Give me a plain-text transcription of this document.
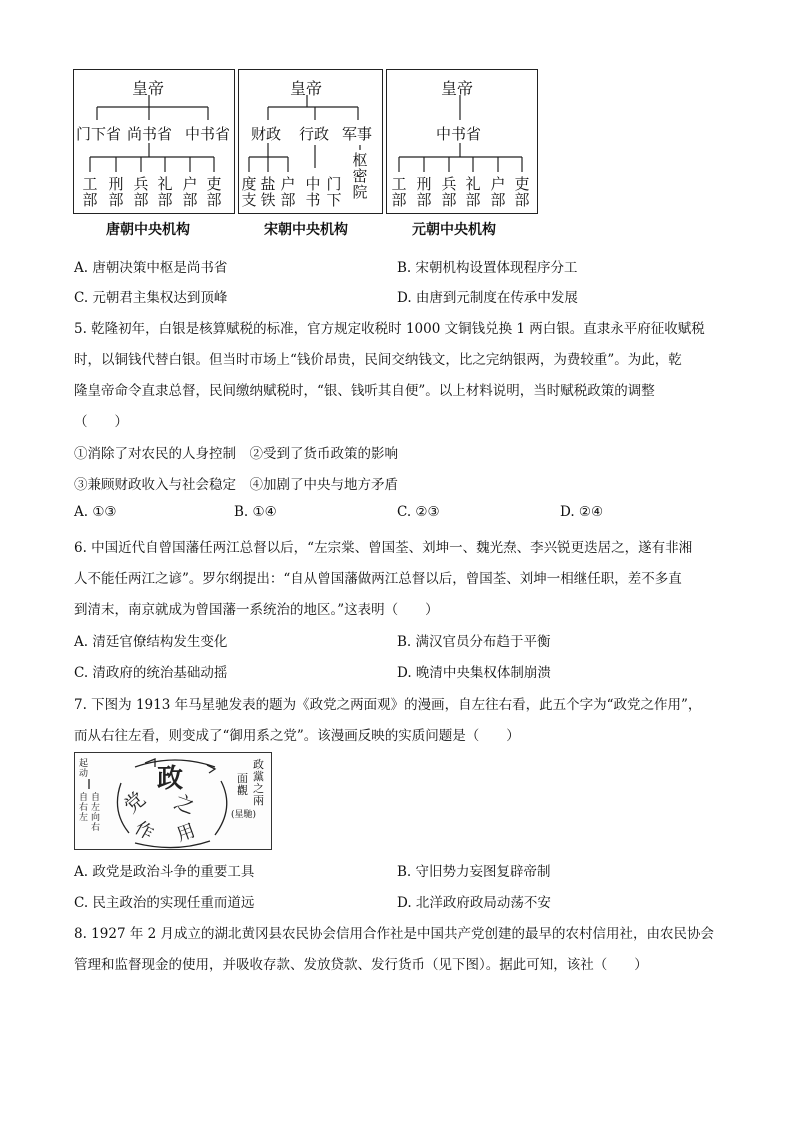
皇帝
门下省 尚书省 中书省
工部
刑部
兵部
礼部
户部
吏部
唐朝中央机构
皇帝
财政 行政 军事
度支
盐铁
户部
中书
门下
枢密院
宋朝中央机构
皇帝
中书省
工部
刑部
兵部
礼部
户部
吏部
元朝中央机构
A. 唐朝决策中枢是尚书省	B. 宋朝机构设置体现程序分工
C. 元朝君主集权达到顶峰	D. 由唐到元制度在传承中发展
5. 乾隆初年，白银是核算赋税的标准，官方规定收税时 1000 文铜钱兑换 1 两白银。直隶永平府征收赋税
时，以铜钱代替白银。但当时市场上“钱价昂贵，民间交纳钱文，比之完纳银两，为费较重”。为此，乾
隆皇帝命令直隶总督，民间缴纳赋税时，“银、钱听其自便”。以上材料说明，当时赋税政策的调整
（　　）
①消除了对农民的人身控制　②受到了货币政策的影响
③兼顾财政收入与社会稳定　④加剧了中央与地方矛盾
A. ①③	B. ①④	C. ②③	D. ②④
6. 中国近代自曾国藩任两江总督以后，“左宗棠、曾国荃、刘坤一、魏光焘、李兴锐更迭居之，遂有非湘
人不能任两江之谚”。罗尔纲提出：“自从曾国藩做两江总督以后，曾国荃、刘坤一相继任职，差不多直
到清末，南京就成为曾国藩一系统治的地区。”这表明（　　）
A. 清廷官僚结构发生变化	B. 满汉官员分布趋于平衡
C. 清政府的统治基础动摇	D. 晚清中央集权体制崩溃
7. 下图为 1913 年马星驰发表的题为《政党之两面观》的漫画，自左往右看，此五个字为“政党之作用”，
而从右往左看，则变成了“御用系之党”。该漫画反映的实质问题是（　　）
起动
自右左
自左向右
政
党 之
作 用
政黨之兩
面觀
(星馳)
A. 政党是政治斗争的重要工具	B. 守旧势力妄图复辟帝制
C. 民主政治的实现任重而道远	D. 北洋政府政局动荡不安
8. 1927 年 2 月成立的湖北黄冈县农民协会信用合作社是中国共产党创建的最早的农村信用社，由农民协会
管理和监督现金的使用，并吸收存款、发放贷款、发行货币（见下图）。据此可知，该社（　　）
